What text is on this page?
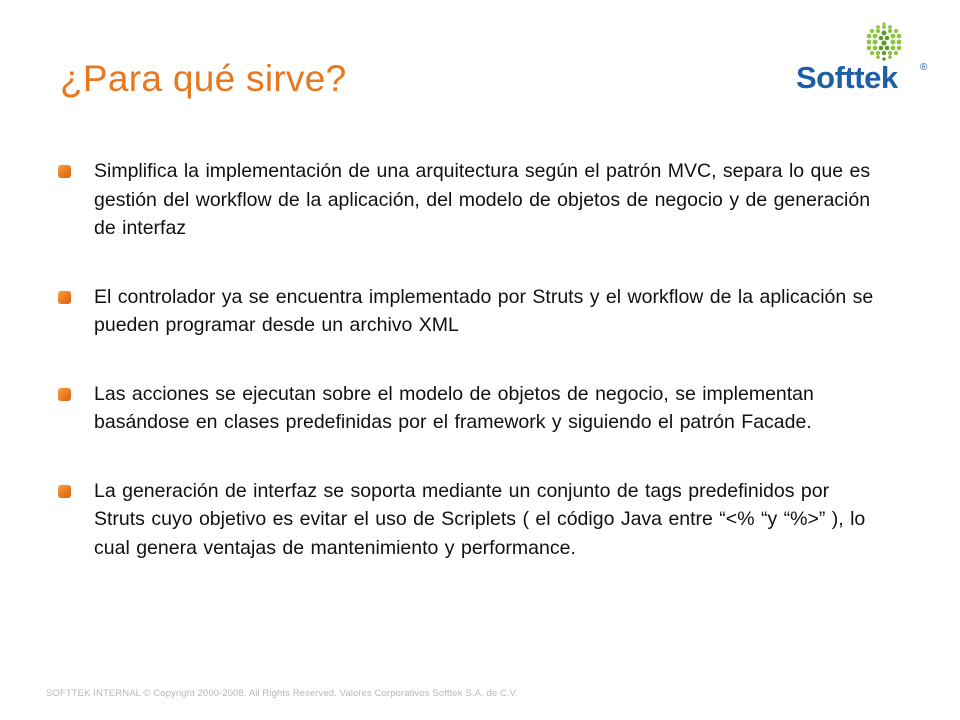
¿Para qué sirve?	Softtek ®
Simplifica la implementación de una arquitectura según el patrón MVC, separa lo que es gestión del workflow de la aplicación, del modelo de objetos de negocio y de generación de interfaz
El controlador ya se encuentra implementado por Struts y el workflow de la aplicación se pueden programar desde un archivo XML
Las acciones se ejecutan sobre el modelo de objetos de negocio, se implementan basándose en clases predefinidas por el framework y siguiendo el patrón Facade.
La generación de interfaz se soporta mediante un conjunto de tags predefinidos por Struts cuyo objetivo es evitar el uso de Scriplets ( el código Java entre “<% “y “%>” ), lo cual genera ventajas de mantenimiento y performance.
SOFTTEK INTERNAL © Copyright 2000-2008. All Rights Reserved. Valores Corporativos Softtek S.A. de C.V.
